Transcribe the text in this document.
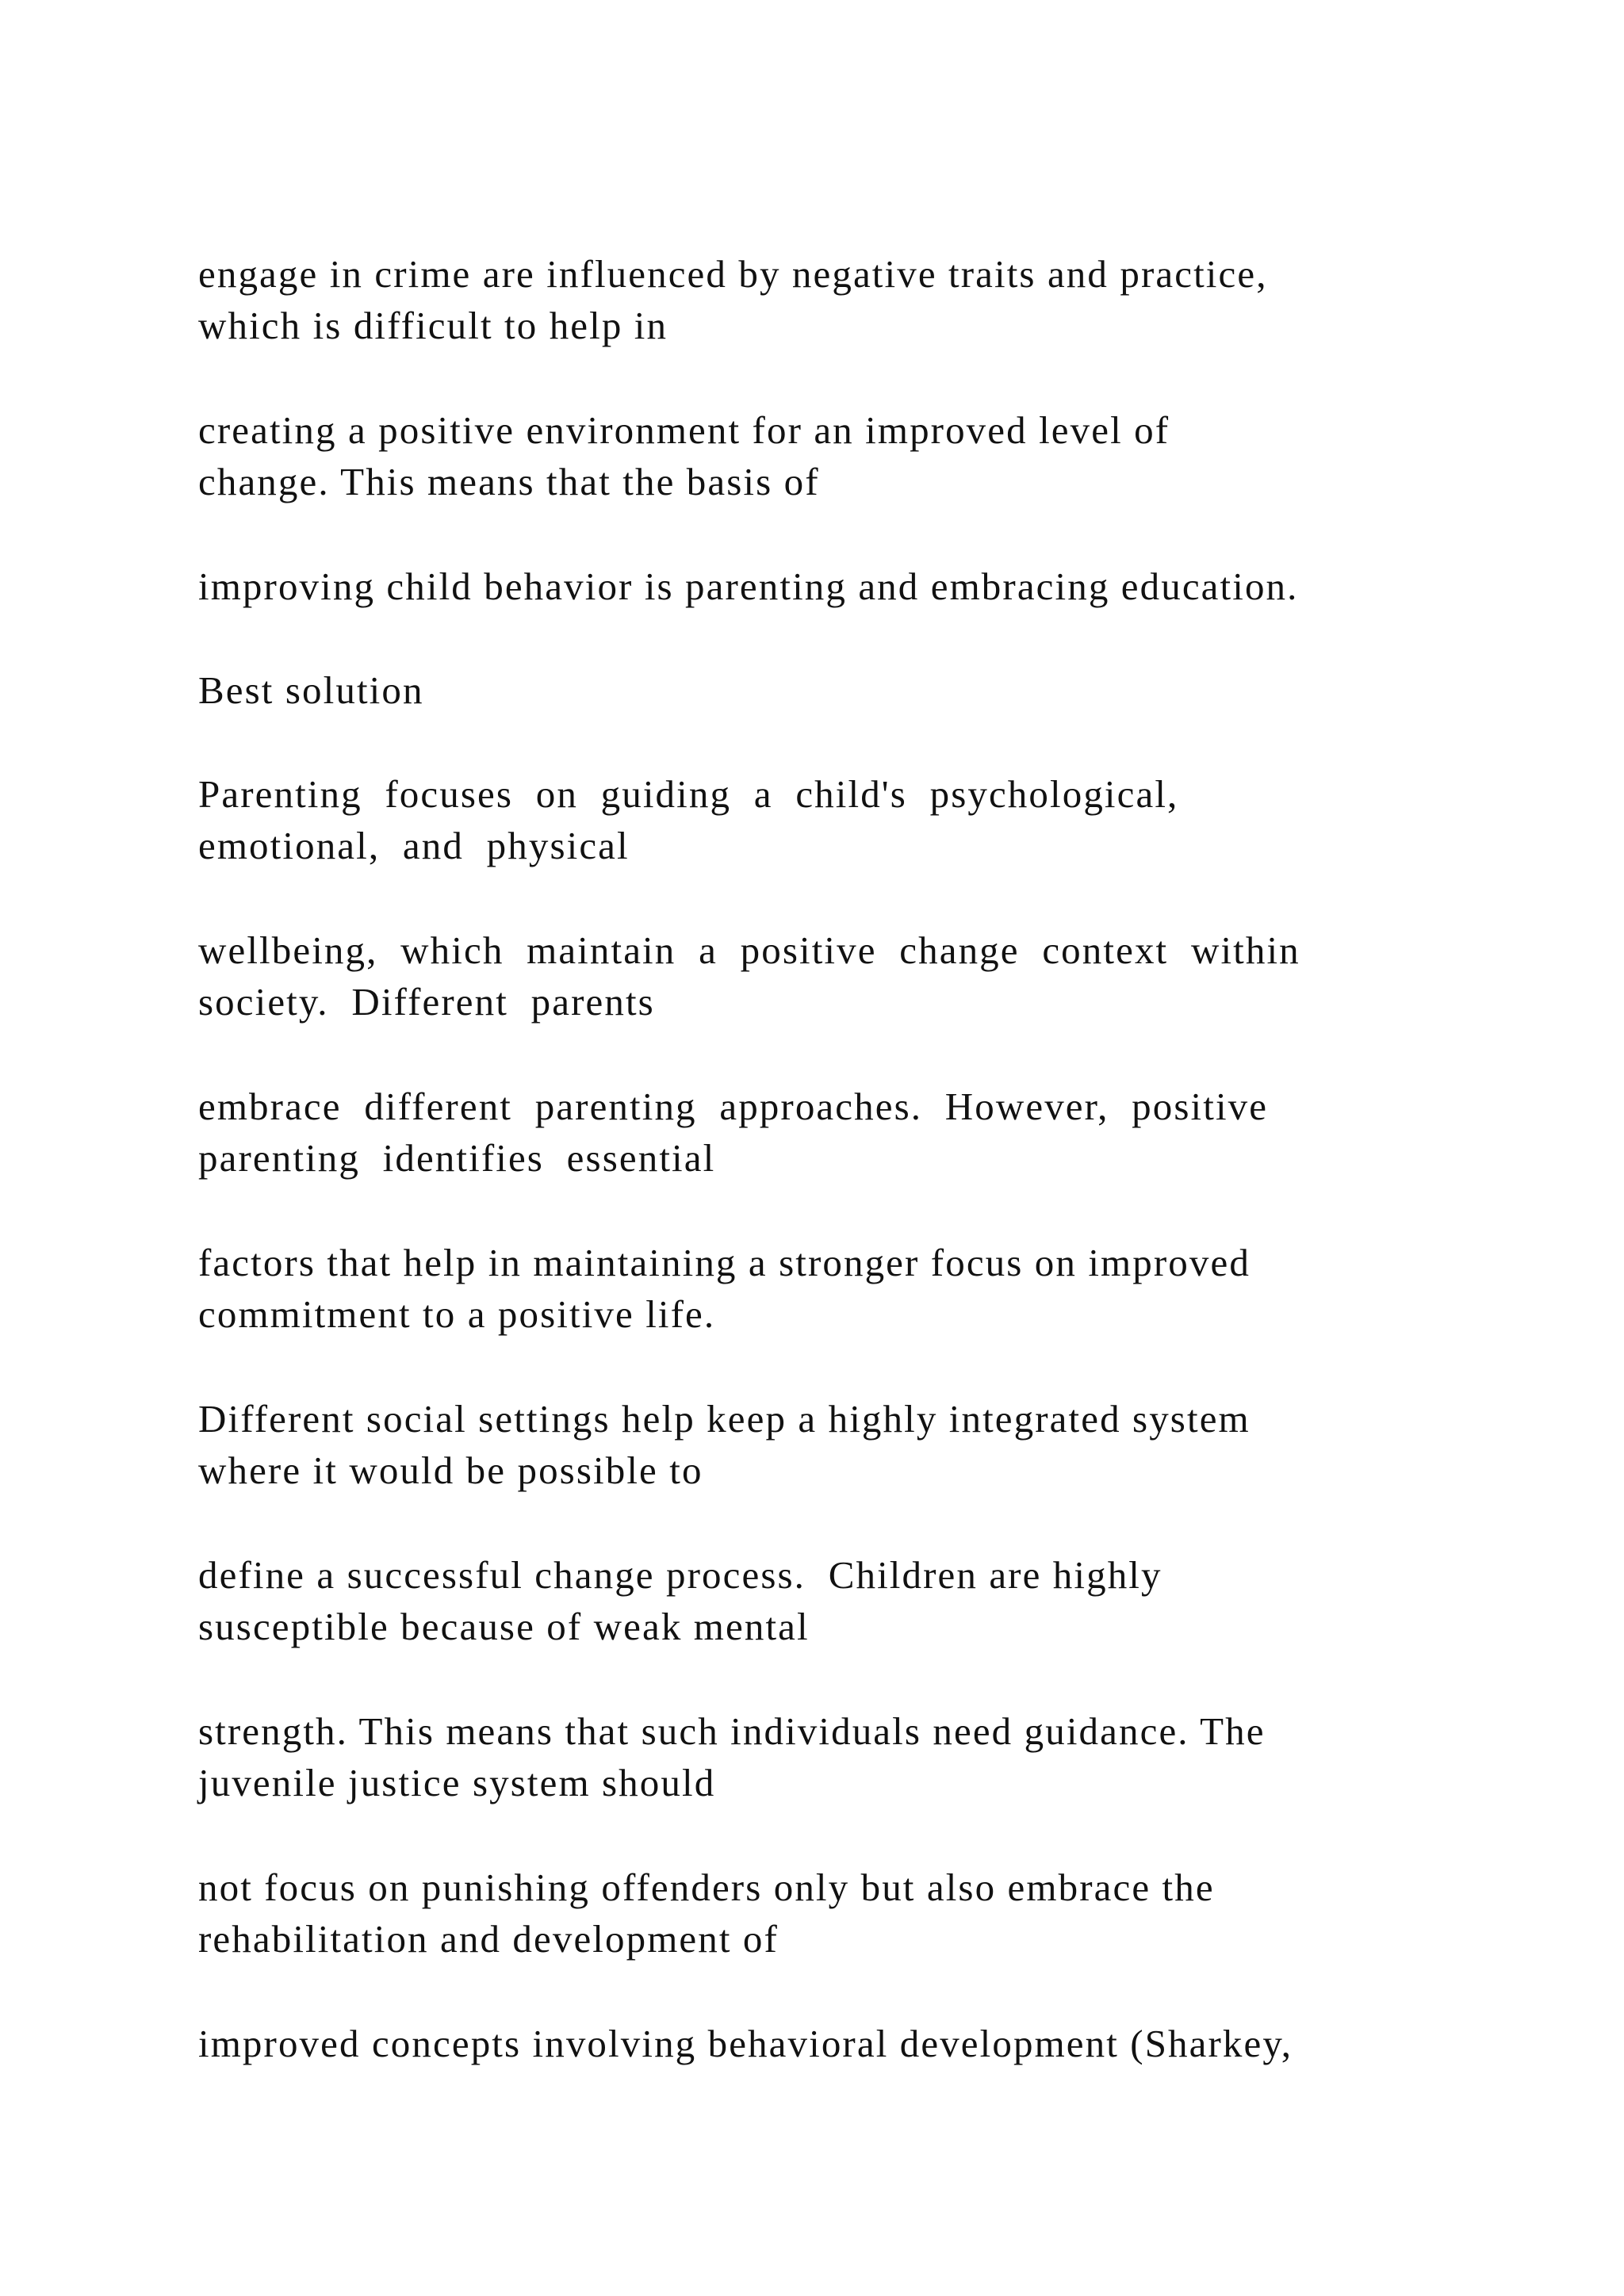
engage in crime are influenced by negative traits and practice,
which is difficult to help in
creating a positive environment for an improved level of
change. This means that the basis of
improving child behavior is parenting and embracing education.
Best solution
Parenting  focuses  on  guiding  a  child's  psychological,
emotional,  and  physical
wellbeing,  which  maintain  a  positive  change  context  within
society.  Different  parents
embrace  different  parenting  approaches.  However,  positive
parenting  identifies  essential
factors that help in maintaining a stronger focus on improved
commitment to a positive life.
Different social settings help keep a highly integrated system
where it would be possible to
define a successful change process.  Children are highly
susceptible because of weak mental
strength. This means that such individuals need guidance. The
juvenile justice system should
not focus on punishing offenders only but also embrace the
rehabilitation and development of
improved concepts involving behavioral development (Sharkey,
